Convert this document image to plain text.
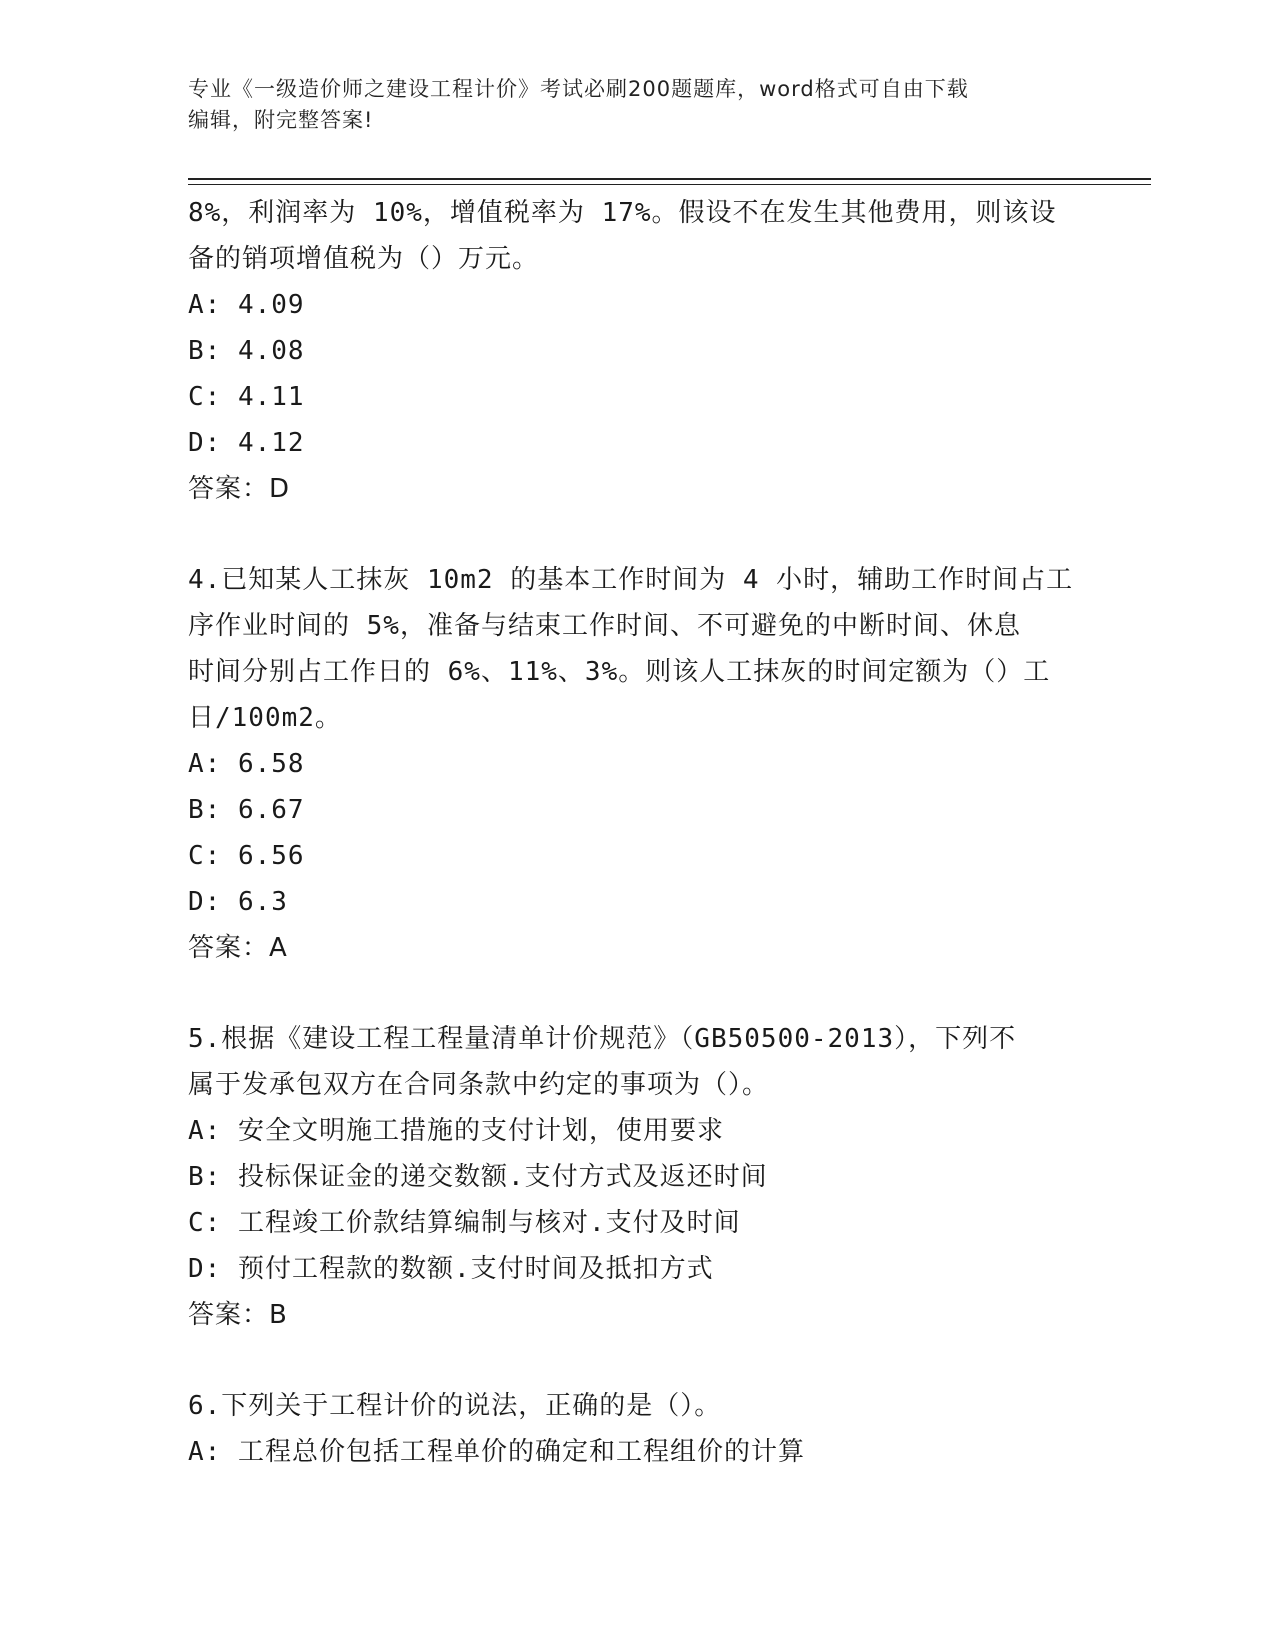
专业《一级造价师之建设工程计价》考试必刷200题题库，word格式可自由下载
编辑，附完整答案!
8%，利润率为 10%，增值税率为 17%。假设不在发生其他费用，则该设
备的销项增值税为（）万元。
A: 4.09
B: 4.08
C: 4.11
D: 4.12
答案：D
4.已知某人工抹灰 10m2 的基本工作时间为 4 小时，辅助工作时间占工
序作业时间的 5%，准备与结束工作时间、不可避免的中断时间、休息
时间分别占工作日的 6%、11%、3%。则该人工抹灰的时间定额为（）工
日/100m2。
A: 6.58
B: 6.67
C: 6.56
D: 6.3
答案：A
5.根据《建设工程工程量清单计价规范》（GB50500-2013），下列不
属于发承包双方在合同条款中约定的事项为（）。
A: 安全文明施工措施的支付计划，使用要求
B: 投标保证金的递交数额.支付方式及返还时间
C: 工程竣工价款结算编制与核对.支付及时间
D: 预付工程款的数额.支付时间及抵扣方式
答案：B
6.下列关于工程计价的说法，正确的是（）。
A: 工程总价包括工程单价的确定和工程组价的计算
